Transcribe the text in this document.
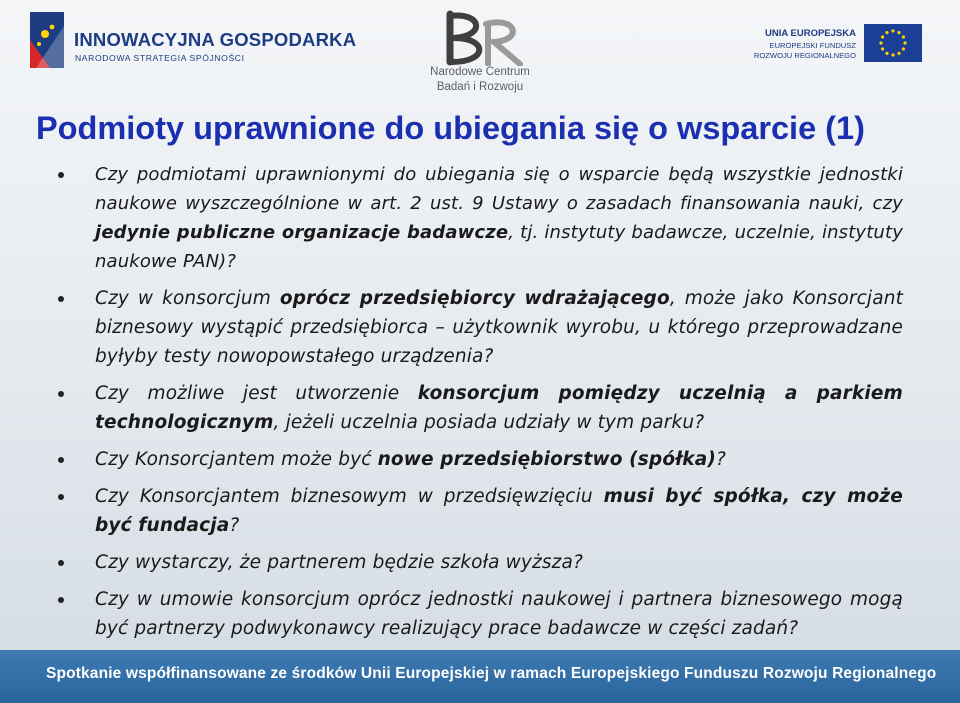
INNOWACYJNA GOSPODARKA
NARODOWA STRATEGIA SPÓJNOŚCI
Narodowe Centrum
Badań i Rozwoju
UNIA EUROPEJSKA
EUROPEJSKI FUNDUSZ
ROZWOJU REGIONALNEGO
Podmioty uprawnione do ubiegania się o wsparcie (1)
Czy podmiotami uprawnionymi do ubiegania się o wsparcie będą wszystkie jednostki naukowe wyszczególnione w art. 2 ust. 9 Ustawy o zasadach finansowania nauki, czy jedynie publiczne organizacje badawcze, tj. instytuty badawcze, uczelnie, instytuty naukowe PAN)?
Czy w konsorcjum oprócz przedsiębiorcy wdrażającego, może jako Konsorcjant biznesowy wystąpić przedsiębiorca – użytkownik wyrobu, u którego przeprowadzane byłyby testy nowopowstałego urządzenia?
Czy możliwe jest utworzenie konsorcjum pomiędzy uczelnią a parkiem technologicznym, jeżeli uczelnia posiada udziały w tym parku?
Czy Konsorcjantem może być nowe przedsiębiorstwo (spółka)?
Czy Konsorcjantem biznesowym w przedsięwzięciu musi być spółka, czy może być fundacja?
Czy wystarczy, że partnerem będzie szkoła wyższa?
Czy w umowie konsorcjum oprócz jednostki naukowej i partnera biznesowego mogą być partnerzy podwykonawcy realizujący prace badawcze w części zadań?
Spotkanie współfinansowane ze środków Unii Europejskiej w ramach Europejskiego Funduszu Rozwoju Regionalnego
